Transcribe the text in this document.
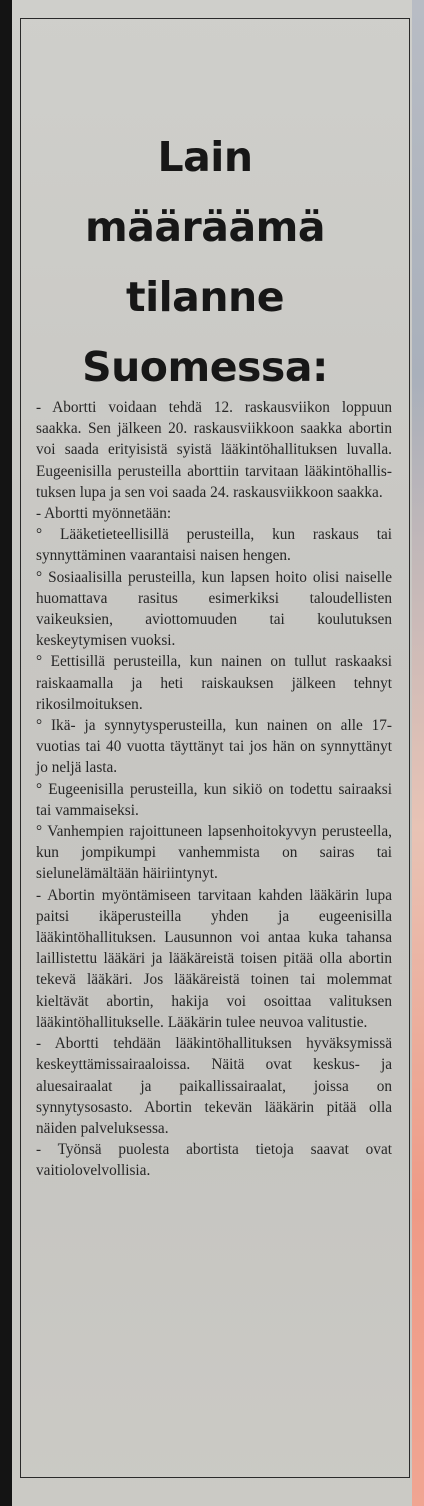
Lain määräämä tilanne Suomessa:

- Abortti voidaan tehdä 12. raskausviikon loppuun saakka. Sen jälkeen 20. raskausviikkoon saakka abortin voi saada erityisistä syistä lääkintöhallituksen luvalla. Eugeenisilla perusteilla aborttiin tarvitaan lääkintöhallistuksen lupa ja sen voi saada 24. raskausviikkoon saakka.

- Abortti myönnetään:

° Lääketieteellisillä perusteilla, kun raskaus tai synnyttäminen vaarantaisi naisen hengen.

° Sosiaalisilla perusteilla, kun lapsen hoito olisi naiselle huomattava rasitus esimerkiksi taloudellisten vaikeuksien, aviottomuuden tai koulutuksen keskeytymisen vuoksi.

° Eettisillä perusteilla, kun nainen on tullut raskaaksi raiskaamalla ja heti raiskauksen jälkeen tehnyt rikosilmoituksen.

° Ikä- ja synnytysperusteilla, kun nainen on alle 17-vuotias tai 40 vuotta täyttänyt tai jos hän on synnyttänyt jo neljä lasta.

° Eugeenisilla perusteilla, kun sikiö on todettu sairaaksi tai vammaiseksi.

° Vanhempien rajoittuneen lapsenhoitokyvyn perusteella, kun jompikumpi vanhemmista on sairas tai sielunelämältään häiriintynyt.

- Abortin myöntämiseen tarvitaan kahden lääkärin lupa paitsi ikäperusteilla yhden ja eugeenisilla lääkintöhallituksen. Lausunnon voi antaa kuka tahansa laillistettu lääkäri ja lääkäreistä toisen pitää olla abortin tekevä lääkäri. Jos lääkäreistä toinen tai molemmat kieltävät abortin, hakija voi osoittaa valituksen lääkintöhallitukselle. Lääkärin tulee neuvoa valitustie.

- Abortti tehdään lääkintöhallituksen hyväksymissä keskeyttämissairaaloissa. Näitä ovat keskus- ja aluesairaalat ja paikallissairaalat, joissa on synnytysosasto. Abortin tekevän lääkärin pitää olla näiden palveluksessa.

- Työnsä puolesta abortista tietoja saavat ovat vaitiolovelvollisia.
